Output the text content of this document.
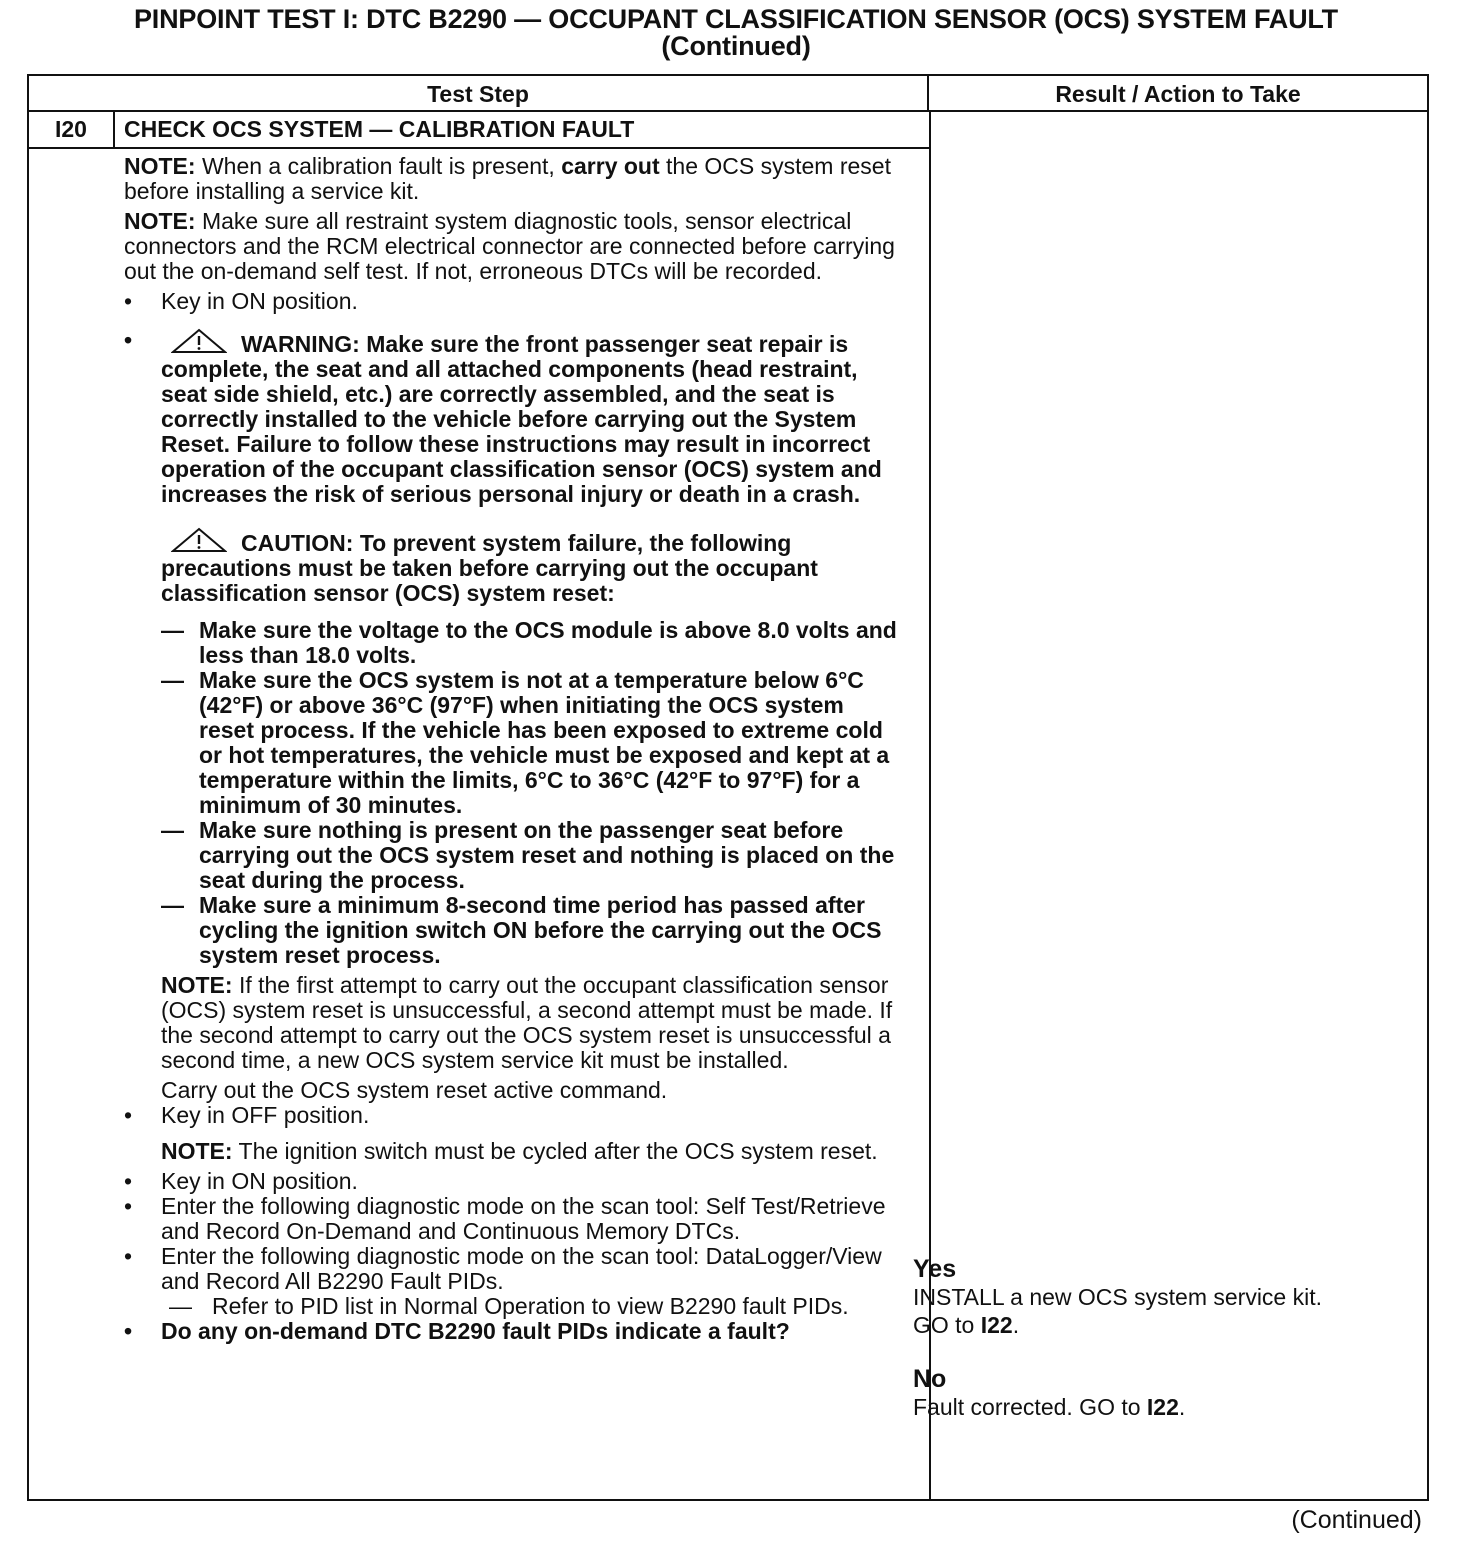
PINPOINT TEST I: DTC B2290 — OCCUPANT CLASSIFICATION SENSOR (OCS) SYSTEM FAULT
(Continued)
Test Step	Result / Action to Take
I20	CHECK OCS SYSTEM — CALIBRATION FAULT
NOTE: When a calibration fault is present, carry out the OCS system reset before installing a service kit.
NOTE: Make sure all restraint system diagnostic tools, sensor electrical connectors and the RCM electrical connector are connected before carrying out the on-demand self test. If not, erroneous DTCs will be recorded.
•	Key in ON position.
•	WARNING: Make sure the front passenger seat repair is complete, the seat and all attached components (head restraint, seat side shield, etc.) are correctly assembled, and the seat is correctly installed to the vehicle before carrying out the System Reset. Failure to follow these instructions may result in incorrect operation of the occupant classification sensor (OCS) system and increases the risk of serious personal injury or death in a crash.
CAUTION: To prevent system failure, the following precautions must be taken before carrying out the occupant classification sensor (OCS) system reset:
— Make sure the voltage to the OCS module is above 8.0 volts and less than 18.0 volts.
— Make sure the OCS system is not at a temperature below 6°C (42°F) or above 36°C (97°F) when initiating the OCS system reset process. If the vehicle has been exposed to extreme cold or hot temperatures, the vehicle must be exposed and kept at a temperature within the limits, 6°C to 36°C (42°F to 97°F) for a minimum of 30 minutes.
— Make sure nothing is present on the passenger seat before carrying out the OCS system reset and nothing is placed on the seat during the process.
— Make sure a minimum 8-second time period has passed after cycling the ignition switch ON before the carrying out the OCS system reset process.
NOTE: If the first attempt to carry out the occupant classification sensor (OCS) system reset is unsuccessful, a second attempt must be made. If the second attempt to carry out the OCS system reset is unsuccessful a second time, a new OCS system service kit must be installed.
Carry out the OCS system reset active command.
•	Key in OFF position.
NOTE: The ignition switch must be cycled after the OCS system reset.
•	Key in ON position.
•	Enter the following diagnostic mode on the scan tool: Self Test/Retrieve and Record On-Demand and Continuous Memory DTCs.
•	Enter the following diagnostic mode on the scan tool: DataLogger/View and Record All B2290 Fault PIDs.
— Refer to PID list in Normal Operation to view B2290 fault PIDs.
•	Do any on-demand DTC B2290 fault PIDs indicate a fault?
Yes
INSTALL a new OCS system service kit.
GO to I22.
No
Fault corrected. GO to I22.
(Continued)
